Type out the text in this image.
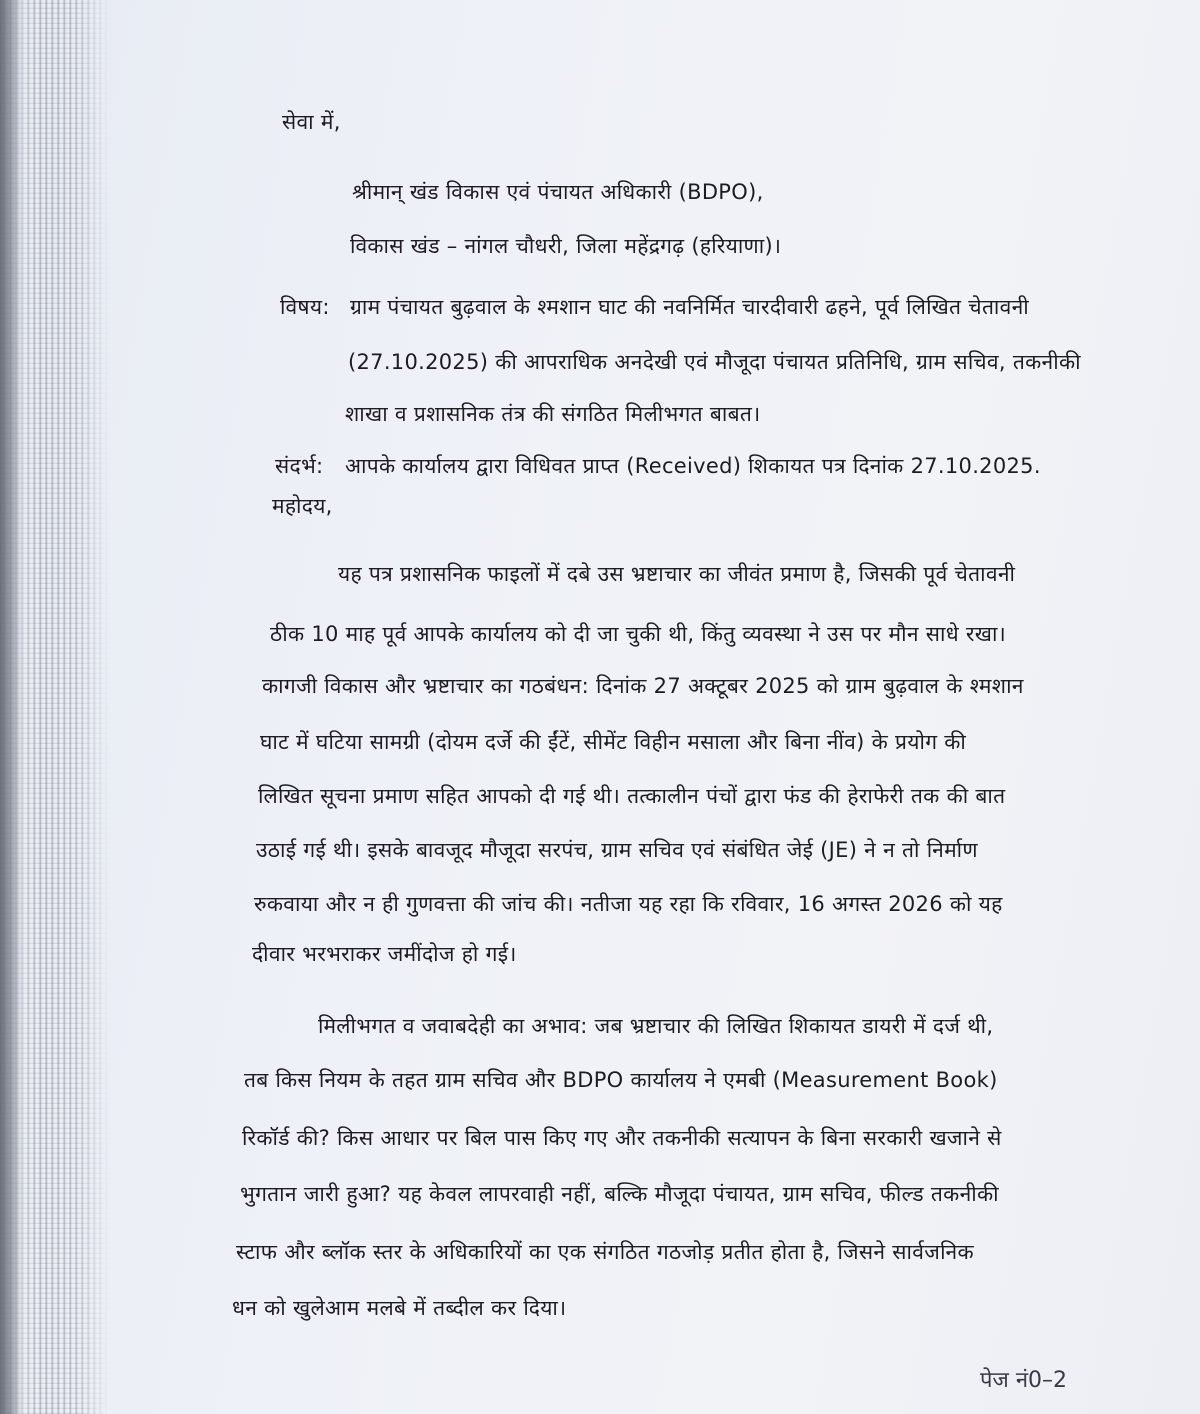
सेवा में,

श्रीमान् खंड विकास एवं पंचायत अधिकारी (BDPO),

विकास खंड – नांगल चौधरी, जिला महेंद्रगढ़ (हरियाणा)।

विषय: ग्राम पंचायत बुढ़वाल के श्मशान घाट की नवनिर्मित चारदीवारी ढहने, पूर्व लिखित चेतावनी

(27.10.2025) की आपराधिक अनदेखी एवं मौजूदा पंचायत प्रतिनिधि, ग्राम सचिव, तकनीकी

शाखा व प्रशासनिक तंत्र की संगठित मिलीभगत बाबत।

संदर्भ: आपके कार्यालय द्वारा विधिवत प्राप्त (Received) शिकायत पत्र दिनांक 27.10.2025.

महोदय,

यह पत्र प्रशासनिक फाइलों में दबे उस भ्रष्टाचार का जीवंत प्रमाण है, जिसकी पूर्व चेतावनी

ठीक 10 माह पूर्व आपके कार्यालय को दी जा चुकी थी, किंतु व्यवस्था ने उस पर मौन साधे रखा।

कागजी विकास और भ्रष्टाचार का गठबंधन: दिनांक 27 अक्टूबर 2025 को ग्राम बुढ़वाल के श्मशान

घाट में घटिया सामग्री (दोयम दर्जे की ईंटें, सीमेंट विहीन मसाला और बिना नींव) के प्रयोग की

लिखित सूचना प्रमाण सहित आपको दी गई थी। तत्कालीन पंचों द्वारा फंड की हेराफेरी तक की बात

उठाई गई थी। इसके बावजूद मौजूदा सरपंच, ग्राम सचिव एवं संबंधित जेई (JE) ने न तो निर्माण

रुकवाया और न ही गुणवत्ता की जांच की। नतीजा यह रहा कि रविवार, 16 अगस्त 2026 को यह

दीवार भरभराकर जमींदोज हो गई।

मिलीभगत व जवाबदेही का अभाव: जब भ्रष्टाचार की लिखित शिकायत डायरी में दर्ज थी,

तब किस नियम के तहत ग्राम सचिव और BDPO कार्यालय ने एमबी (Measurement Book)

रिकॉर्ड की? किस आधार पर बिल पास किए गए और तकनीकी सत्यापन के बिना सरकारी खजाने से

भुगतान जारी हुआ? यह केवल लापरवाही नहीं, बल्कि मौजूदा पंचायत, ग्राम सचिव, फील्ड तकनीकी

स्टाफ और ब्लॉक स्तर के अधिकारियों का एक संगठित गठजोड़ प्रतीत होता है, जिसने सार्वजनिक

धन को खुलेआम मलबे में तब्दील कर दिया।

पेज नं0–2
